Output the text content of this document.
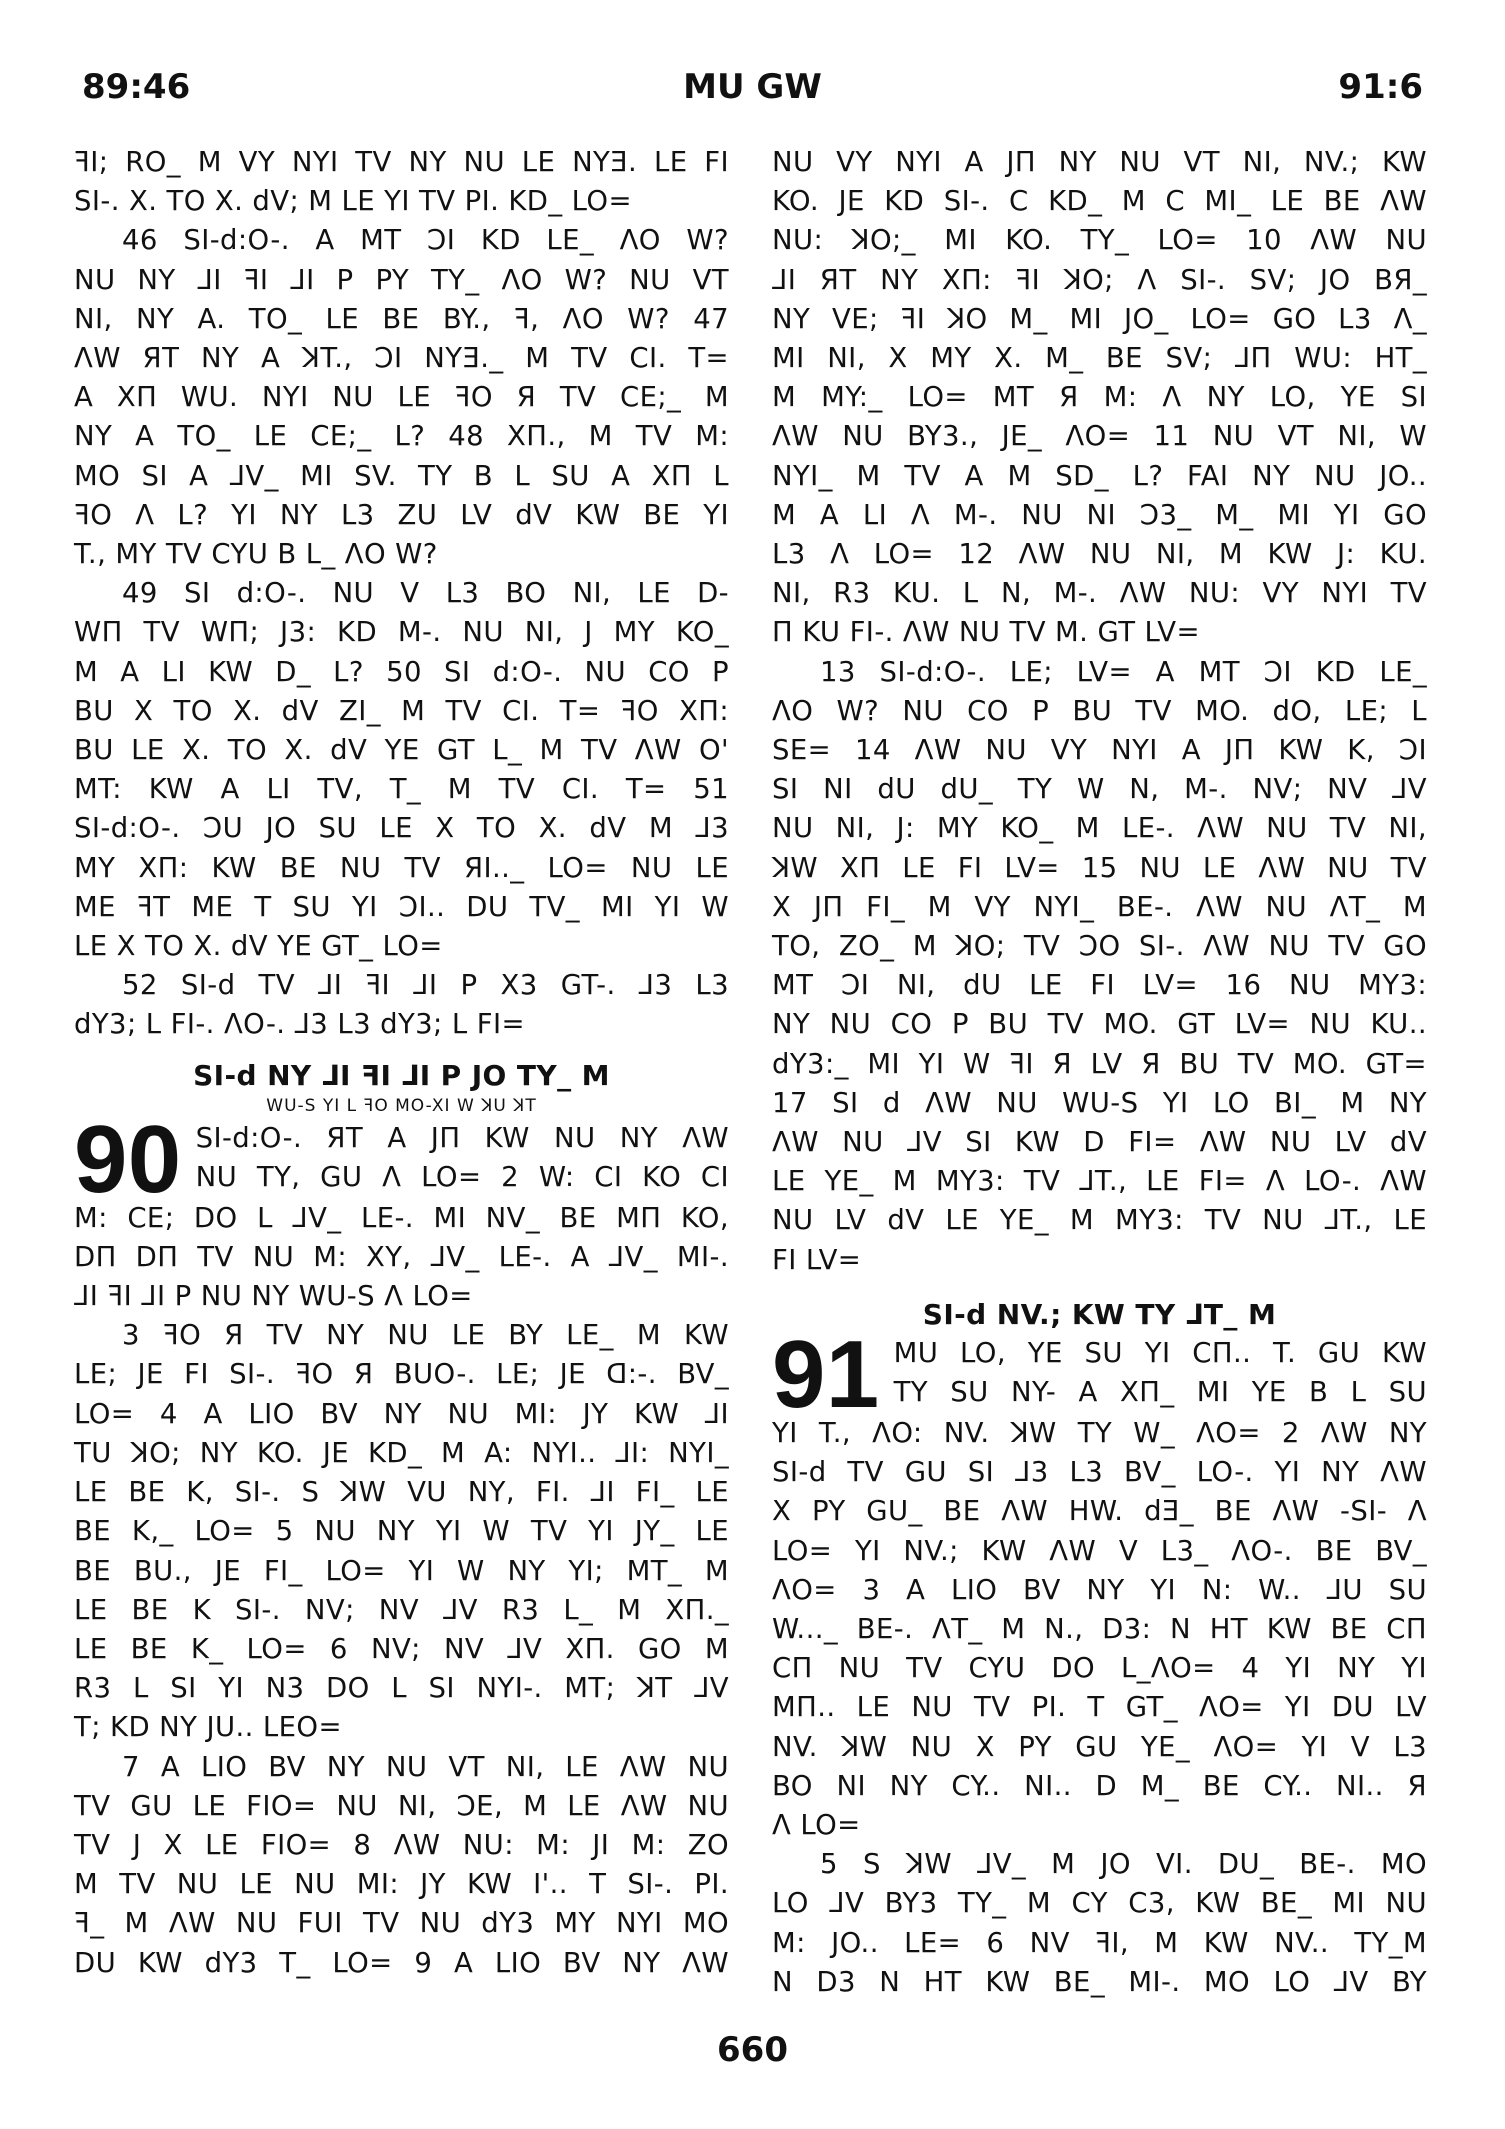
89:46	MU GW	91:6

ꟻI; RO_ M VY NYI TV NY NU LE NYƎ. LE FI

SI-. X. TO X. dV; M LE YI TV PI. KD_ LO=

46 SI-d:O-. A MT ƆI KD LE_ ΛO W?

NU NY ⅃I ꟻI ⅃I P PY TY_ ΛO W? NU VT

NI, NY A. TO_ LE BE BY., ꟻ, ΛO W? 47

ΛW ЯT NY A ꓘT., ƆI NYƎ._ M TV CI. T=

A XΠ WU. NYI NU LE ꟻO Я TV CE;_ M

NY A TO_ LE CE;_ L? 48 XΠ., M TV M:

MO SI A ⅃V_ MI SV. TY B L SU A XΠ L

ꟻO Λ L? YI NY L3 ZU LV dV KW BE YI

T., MY TV CYU B L_ ΛO W?

49 SI d:O-. NU V L3 BO NI, LE D-

WΠ TV WΠ; J3: KD M-. NU NI, J MY KO_

M A LI KW D_ L? 50 SI d:O-. NU CO P

BU X TO X. dV ZI_ M TV CI. T= ꟻO XΠ:

BU LE X. TO X. dV YE GT L_ M TV ΛW O'

MT: KW A LI TV, T_ M TV CI. T= 51

SI-d:O-. ƆU JO SU LE X TO X. dV M ⅃3

MY XΠ: KW BE NU TV ЯI.._ LO= NU LE

ME ꟻT ME T SU YI ƆI.. DU TV_ MI YI W

LE X TO X. dV YE GT_ LO=

52 SI-d TV ⅃I ꟻI ⅃I P X3 GT-. ⅃3 L3

dY3; L FI-. ΛO-. ⅃3 L3 dY3; L FI=

SI-d NY ⅃I ꟻI ⅃I P JO TY_ M
WU-S YI L ꟻO MO-XI W ꓘU ꓘT
90 SI-d:O-. ЯT A JΠ KW NU NY ΛW

NU TY, GU Λ LO= 2 W: CI KO CI

M: CE; DO L ⅃V_ LE-. MI NV_ BE MΠ KO,

DΠ DΠ TV NU M: XY, ⅃V_ LE-. A ⅃V_ MI-.

⅃I ꟻI ⅃I P NU NY WU-S Λ LO=

3 ꟻO Я TV NY NU LE BY LE_ M KW

LE; JE FI SI-. ꟻO Я BUO-. LE; JE ꓷ:-. BV_

LO= 4 A LIO BV NY NU MI: JY KW ⅃I

TU ꓘO; NY KO. JE KD_ M A: NYI.. ⅃I: NYI_

LE BE K, SI-. S ꓘW VU NY, FI. ⅃I FI_ LE

BE K,_ LO= 5 NU NY YI W TV YI JY_ LE

BE BU., JE FI_ LO= YI W NY YI; MT_ M

LE BE K SI-. NV; NV ⅃V R3 L_ M XΠ._

LE BE K_ LO= 6 NV; NV ⅃V XΠ. GO M

R3 L SI YI N3 DO L SI NYI-. MT; ꓘT ⅃V

T; KD NY JU.. LEO=

7 A LIO BV NY NU VT NI, LE ΛW NU

TV GU LE FIO= NU NI, ƆE, M LE ΛW NU

TV J X LE FIO= 8 ΛW NU: M: JI M: ZO

M TV NU LE NU MI: JY KW I'.. T SI-. PI.

ꟻ_ M ΛW NU FUI TV NU dY3 MY NYI MO

DU KW dY3 T_ LO= 9 A LIO BV NY ΛW

NU VY NYI A JΠ NY NU VT NI, NV.; KW

KO. JE KD SI-. C KD_ M C MI_ LE BE ΛW

NU: ꓘO;_ MI KO. TY_ LO= 10 ΛW NU

⅃I ЯT NY XΠ: ꟻI ꓘO; Λ SI-. SV; JO BЯ_

NY VE; ꟻI ꓘO M_ MI JO_ LO= GO L3 Λ_

MI NI, X MY X. M_ BE SV; ⅃Π WU: HT_

M MY:_ LO= MT Я M: Λ NY LO, YE SI

ΛW NU BY3., JE_ ΛO= 11 NU VT NI, W

NYI_ M TV A M SD_ L? FAI NY NU JO..

M A LI Λ M-. NU NI Ɔ3_ M_ MI YI GO

L3 Λ LO= 12 ΛW NU NI, M KW J: KU.

NI, R3 KU. L N, M-. ΛW NU: VY NYI TV

Π KU FI-. ΛW NU TV M. GT LV=

13 SI-d:O-. LE; LV= A MT ƆI KD LE_

ΛO W? NU CO P BU TV MO. dO, LE; L

SE= 14 ΛW NU VY NYI A JΠ KW K, ƆI

SI NI dU dU_ TY W N, M-. NV; NV ⅃V

NU NI, J: MY KO_ M LE-. ΛW NU TV NI,

ꓘW XΠ LE FI LV= 15 NU LE ΛW NU TV

X JΠ FI_ M VY NYI_ BE-. ΛW NU ΛT_ M

TO, ZO_ M ꓘO; TV ƆO SI-. ΛW NU TV GO

MT ƆI NI, dU LE FI LV= 16 NU MY3:

NY NU CO P BU TV MO. GT LV= NU KU..

dY3:_ MI YI W ꟻI Я LV Я BU TV MO. GT=

17 SI d ΛW NU WU-S YI LO BI_ M NY

ΛW NU ⅃V SI KW D FI= ΛW NU LV dV

LE YE_ M MY3: TV ⅃T., LE FI= Λ LO-. ΛW

NU LV dV LE YE_ M MY3: TV NU ⅃T., LE

FI LV=

SI-d NV.; KW TY ⅃T_ M
91 MU LO, YE SU YI CΠ.. T. GU KW

TY SU NY- A XΠ_ MI YE B L SU

YI T., ΛO: NV. ꓘW TY W_ ΛO= 2 ΛW NY

SI-d TV GU SI ⅃3 L3 BV_ LO-. YI NY ΛW

X PY GU_ BE ΛW HW. dƎ_ BE ΛW -SI- Λ

LO= YI NV.; KW ΛW V L3_ ΛO-. BE BV_

ΛO= 3 A LIO BV NY YI N: W.. ⅃U SU

W..._ BE-. ΛT_ M N., D3: N HT KW BE CΠ

CΠ NU TV CYU DO L_ΛO= 4 YI NY YI

MΠ.. LE NU TV PI. T GT_ ΛO= YI DU LV

NV. ꓘW NU X PY GU YE_ ΛO= YI V L3

BO NI NY CY.. NI.. D M_ BE CY.. NI.. Я

Λ LO=

5 S ꓘW ⅃V_ M JO VI. DU_ BE-. MO

LO ⅃V BY3 TY_ M CY C3, KW BE_ MI NU

M: JO.. LE= 6 NV ꟻI, M KW NV.. TY_M

N D3 N HT KW BE_ MI-. MO LO ⅃V BY

660
